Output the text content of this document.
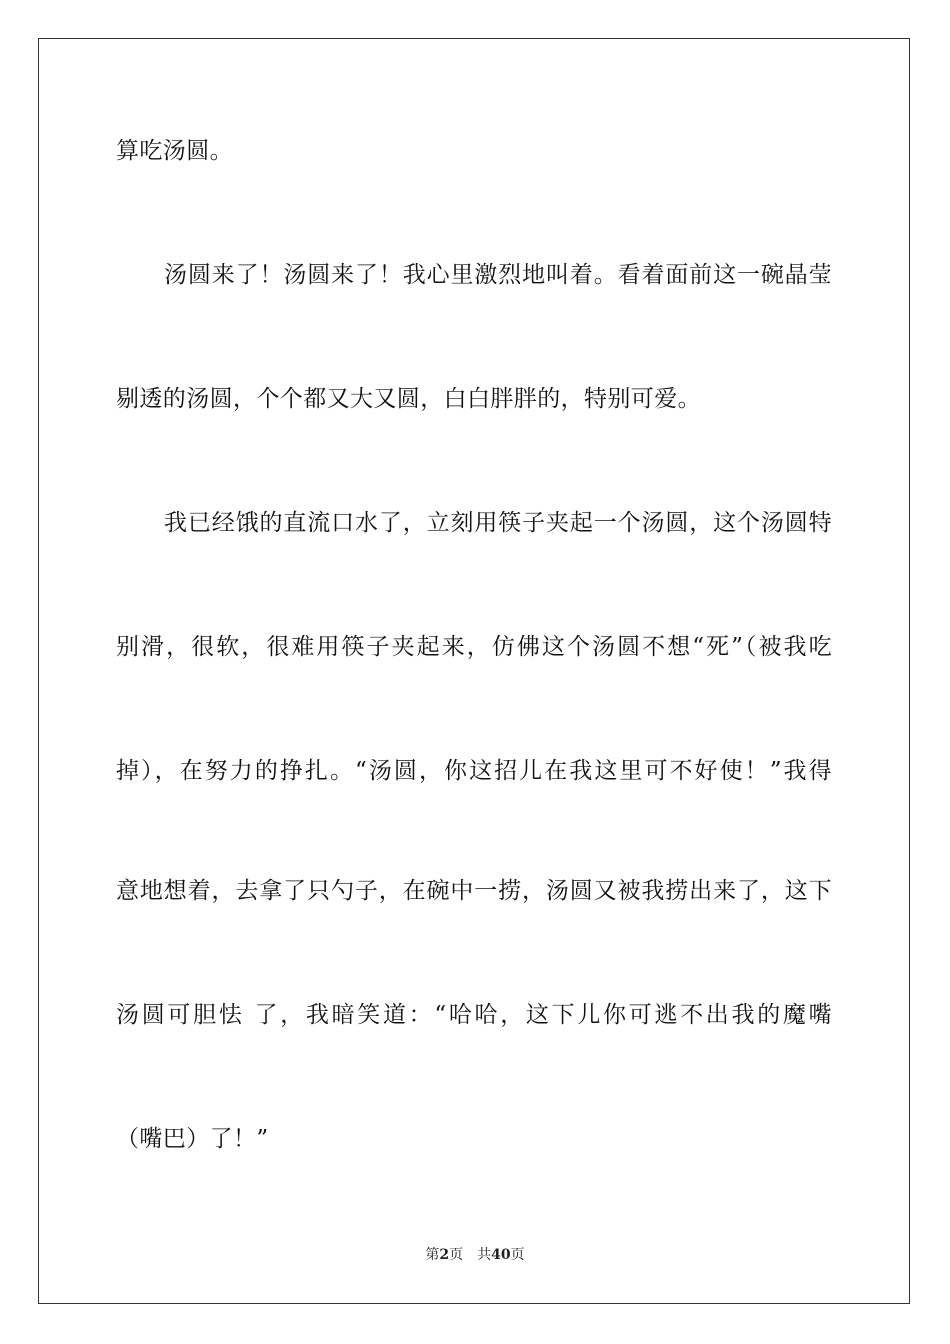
算吃汤圆。
汤圆来了！汤圆来了！我心里激烈地叫着。看着面前这一碗晶莹
剔透的汤圆，个个都又大又圆，白白胖胖的，特别可爱。
我已经饿的直流口水了，立刻用筷子夹起一个汤圆，这个汤圆特
别滑，很软，很难用筷子夹起来，仿佛这个汤圆不想“死”（被我吃
掉），在努力的挣扎。“汤圆，你这招儿在我这里可不好使！”我得
意地想着，去拿了只勺子，在碗中一捞，汤圆又被我捞出来了，这下
汤圆可胆怯 了，我暗笑道：“哈哈，这下儿你可逃不出我的魔嘴
（嘴巴）了！”
第2页 共40页
